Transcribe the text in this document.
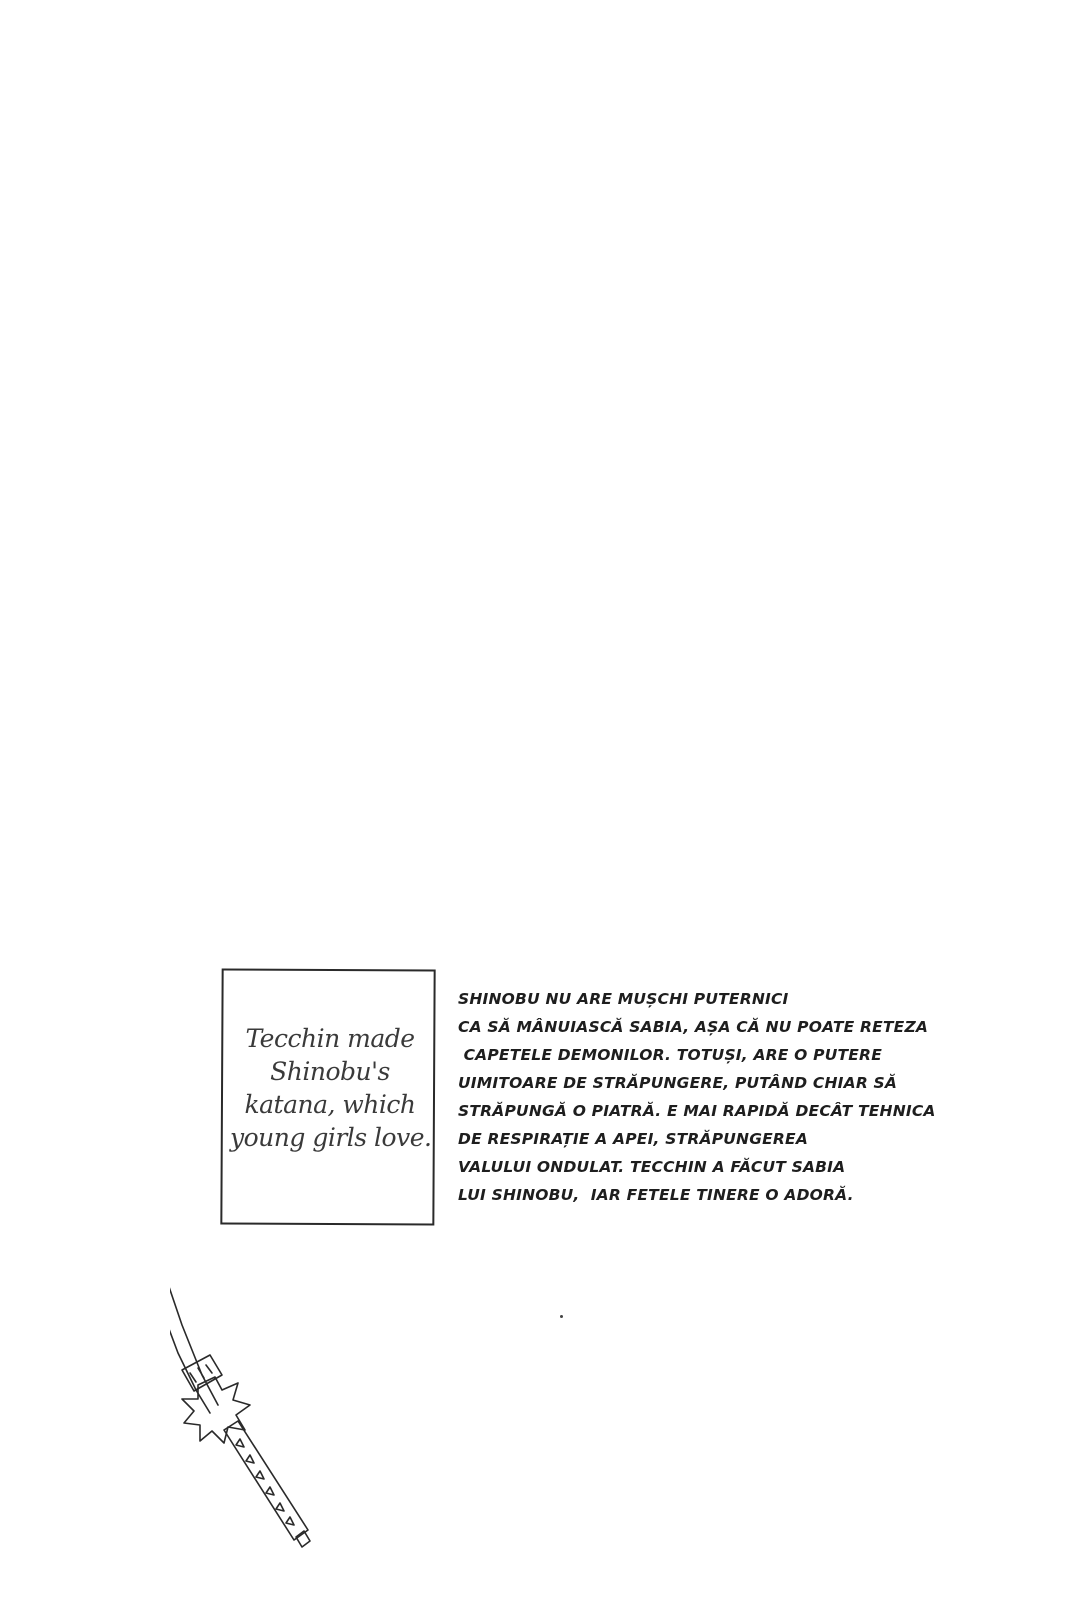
Tecchin made
Shinobu's
katana, which
young girls love.
SHINOBU NU ARE MUȘCHI PUTERNICI
CA SĂ MÂNUIASCĂ SABIA, AȘA CĂ NU POATE RETEZA
CAPETELE DEMONILOR. TOTUȘI, ARE O PUTERE
UIMITOARE DE STRĂPUNGERE, PUTÂND CHIAR SĂ
STRĂPUNGĂ O PIATRĂ. E MAI RAPIDĂ DECÂT TEHNICA
DE RESPIRAȚIE A APEI, STRĂPUNGEREA
VALULUI ONDULAT. TECCHIN A FĂCUT SABIA
LUI SHINOBU,  IAR FETELE TINERE O ADORĂ.
